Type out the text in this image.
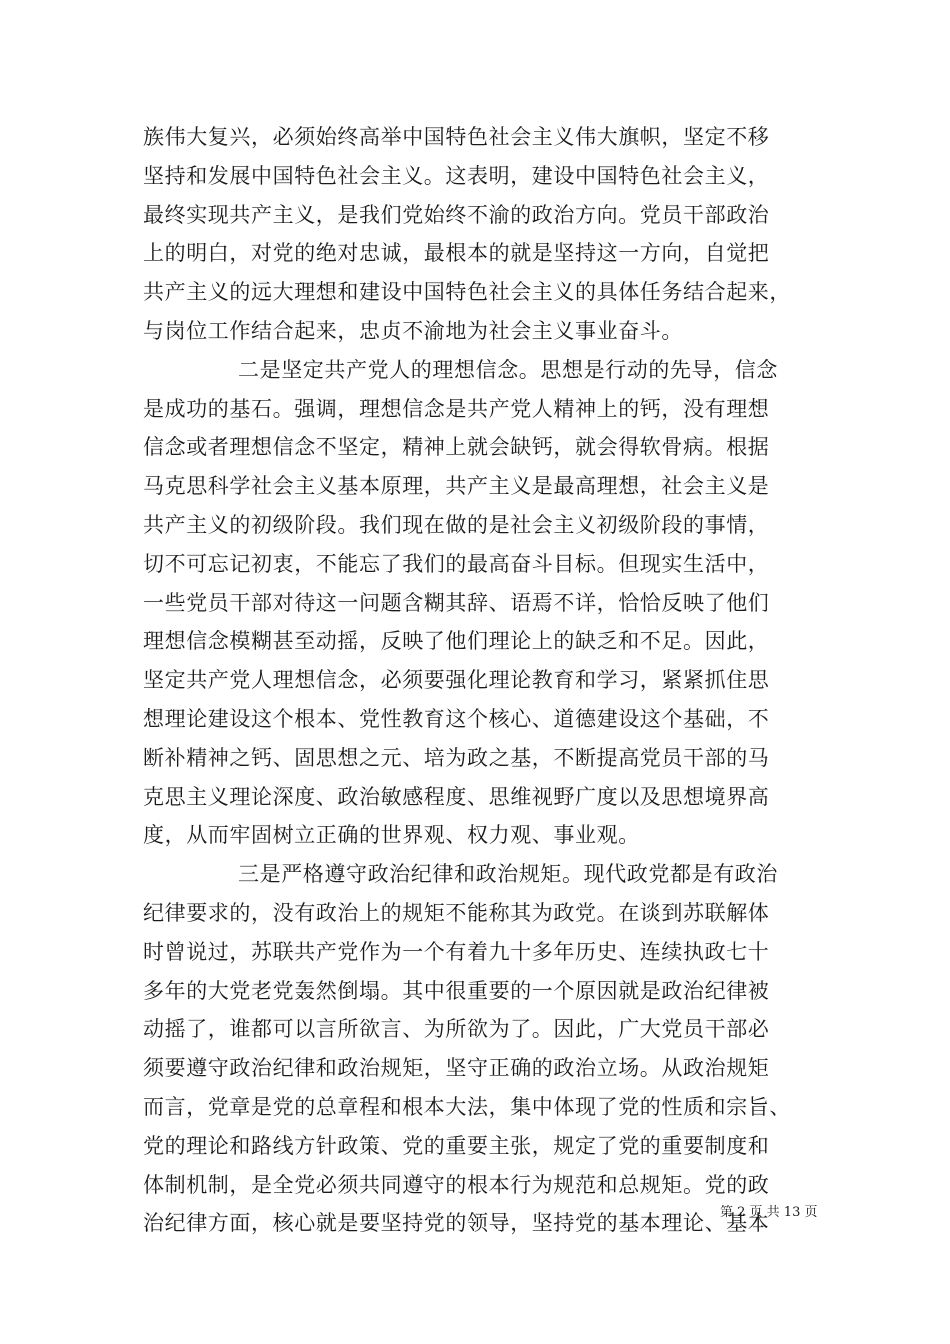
族伟大复兴，必须始终高举中国特色社会主义伟大旗帜，坚定不移
坚持和发展中国特色社会主义。这表明，建设中国特色社会主义，
最终实现共产主义，是我们党始终不渝的政治方向。党员干部政治
上的明白，对党的绝对忠诚，最根本的就是坚持这一方向，自觉把
共产主义的远大理想和建设中国特色社会主义的具体任务结合起来，
与岗位工作结合起来，忠贞不渝地为社会主义事业奋斗。
二是坚定共产党人的理想信念。思想是行动的先导，信念
是成功的基石。强调，理想信念是共产党人精神上的钙，没有理想
信念或者理想信念不坚定，精神上就会缺钙，就会得软骨病。根据
马克思科学社会主义基本原理，共产主义是最高理想，社会主义是
共产主义的初级阶段。我们现在做的是社会主义初级阶段的事情，
切不可忘记初衷，不能忘了我们的最高奋斗目标。但现实生活中，
一些党员干部对待这一问题含糊其辞、语焉不详，恰恰反映了他们
理想信念模糊甚至动摇，反映了他们理论上的缺乏和不足。因此，
坚定共产党人理想信念，必须要强化理论教育和学习，紧紧抓住思
想理论建设这个根本、党性教育这个核心、道德建设这个基础，不
断补精神之钙、固思想之元、培为政之基，不断提高党员干部的马
克思主义理论深度、政治敏感程度、思维视野广度以及思想境界高
度，从而牢固树立正确的世界观、权力观、事业观。
三是严格遵守政治纪律和政治规矩。现代政党都是有政治
纪律要求的，没有政治上的规矩不能称其为政党。在谈到苏联解体
时曾说过，苏联共产党作为一个有着九十多年历史、连续执政七十
多年的大党老党轰然倒塌。其中很重要的一个原因就是政治纪律被
动摇了，谁都可以言所欲言、为所欲为了。因此，广大党员干部必
须要遵守政治纪律和政治规矩，坚守正确的政治立场。从政治规矩
而言，党章是党的总章程和根本大法，集中体现了党的性质和宗旨、
党的理论和路线方针政策、党的重要主张，规定了党的重要制度和
体制机制，是全党必须共同遵守的根本行为规范和总规矩。党的政
治纪律方面，核心就是要坚持党的领导，坚持党的基本理论、基本
第 2 页 共 13 页
